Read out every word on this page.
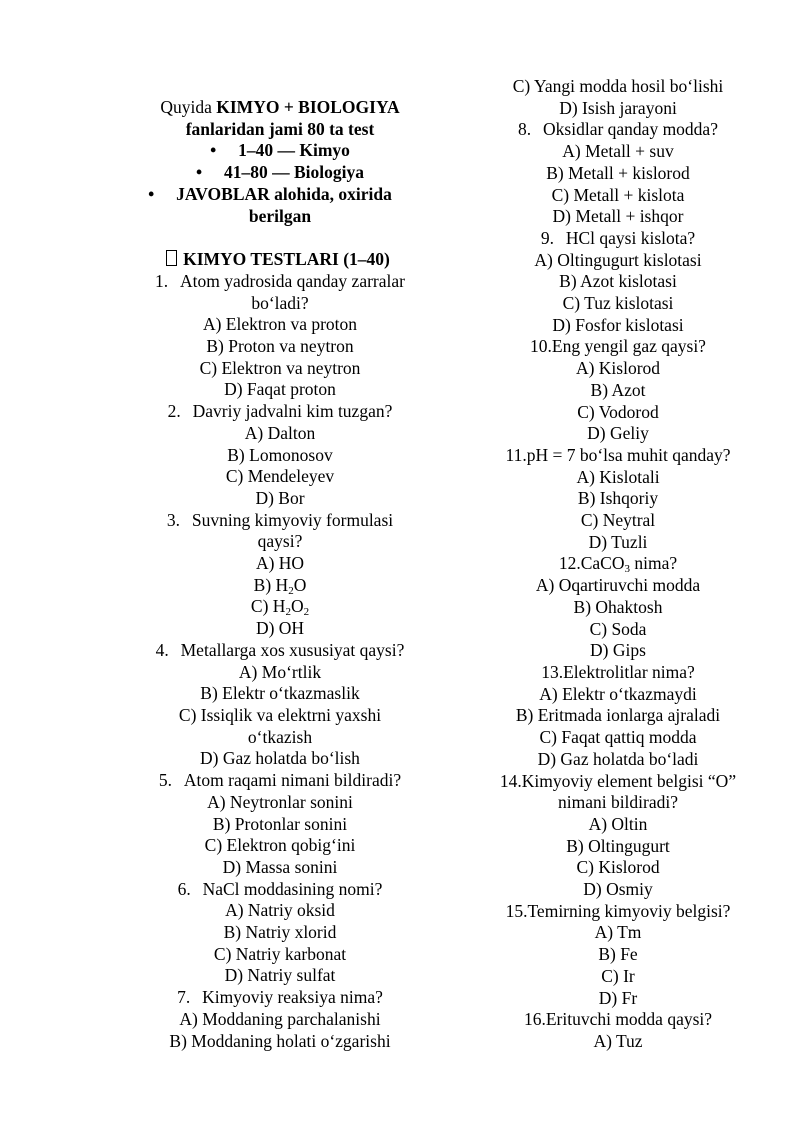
Quyida KIMYO + BIOLOGIYA
fanlaridan jami 80 ta test
•	1–40 — Kimyo
•	41–80 — Biologiya
•	JAVOBLAR alohida, oxirida
berilgan
KIMYO TESTLARI (1–40)
1. Atom yadrosida qanday zarralar
bo‘ladi?
A) Elektron va proton
B) Proton va neytron
C) Elektron va neytron
D) Faqat proton
2. Davriy jadvalni kim tuzgan?
A) Dalton
B) Lomonosov
C) Mendeleyev
D) Bor
3. Suvning kimyoviy formulasi
qaysi?
A) HO
B) $H_2O$
C) $H_2O_2$
D) OH
4. Metallarga xos xususiyat qaysi?
A) Mo‘rtlik
B) Elektr o‘tkazmaslik
C) Issiqlik va elektrni yaxshi
o‘tkazish
D) Gaz holatda bo‘lish
5. Atom raqami nimani bildiradi?
A) Neytronlar sonini
B) Protonlar sonini
C) Elektron qobig‘ini
D) Massa sonini
6. NaCl moddasining nomi?
A) Natriy oksid
B) Natriy xlorid
C) Natriy karbonat
D) Natriy sulfat
7. Kimyoviy reaksiya nima?
A) Moddaning parchalanishi
B) Moddaning holati o‘zgarishi
C) Yangi modda hosil bo‘lishi
D) Isish jarayoni
8. Oksidlar qanday modda?
A) Metall + suv
B) Metall + kislorod
C) Metall + kislota
D) Metall + ishqor
9. HCl qaysi kislota?
A) Oltingugurt kislotasi
B) Azot kislotasi
C) Tuz kislotasi
D) Fosfor kislotasi
10.Eng yengil gaz qaysi?
A) Kislorod
B) Azot
C) Vodorod
D) Geliy
11.pH = 7 bo‘lsa muhit qanday?
A) Kislotali
B) Ishqoriy
C) Neytral
D) Tuzli
12.CaCO$_3$ nima?
A) Oqartiruvchi modda
B) Ohaktosh
C) Soda
D) Gips
13.Elektrolitlar nima?
A) Elektr o‘tkazmaydi
B) Eritmada ionlarga ajraladi
C) Faqat qattiq modda
D) Gaz holatda bo‘ladi
14.Kimyoviy element belgisi “O”
nimani bildiradi?
A) Oltin
B) Oltingugurt
C) Kislorod
D) Osmiy
15.Temirning kimyoviy belgisi?
A) Tm
B) Fe
C) Ir
D) Fr
16.Erituvchi modda qaysi?
A) Tuz
